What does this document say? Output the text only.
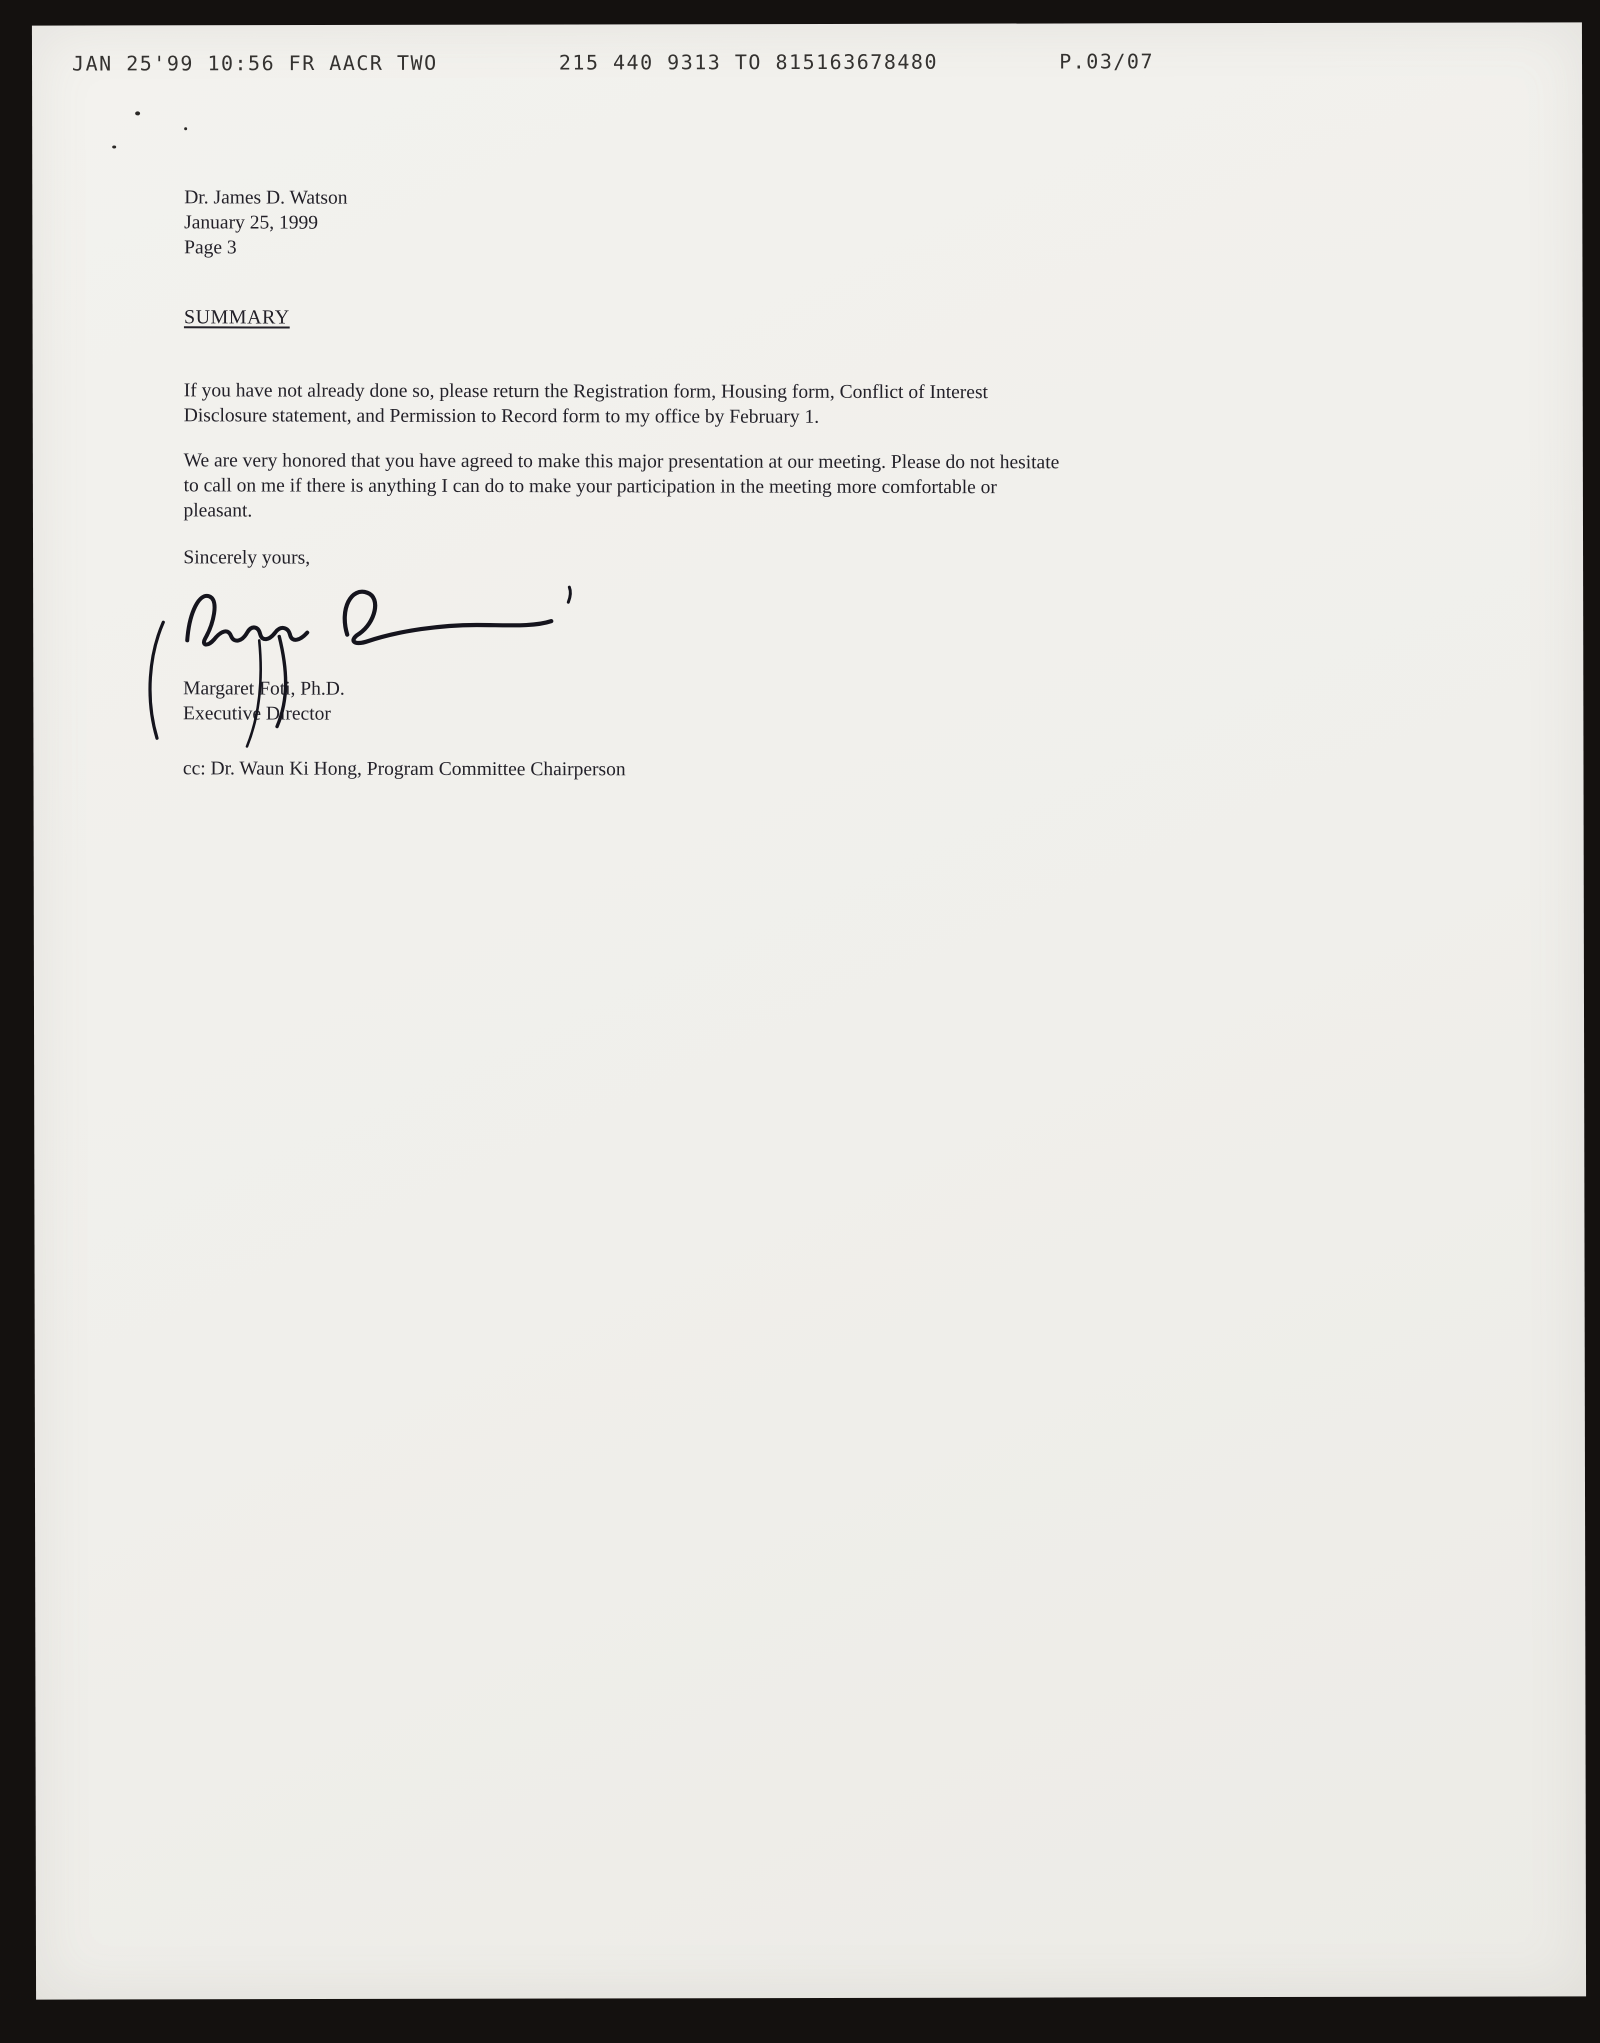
JAN 25'99 10:56 FR AACR TWO	215 440 9313 TO 815163678480	P.03/07
Dr. James D. Watson
January 25, 1999
Page 3
SUMMARY

If you have not already done so, please return the Registration form, Housing form, Conflict of Interest Disclosure statement, and Permission to Record form to my office by February 1.

We are very honored that you have agreed to make this major presentation at our meeting. Please do not hesitate to call on me if there is anything I can do to make your participation in the meeting more comfortable or pleasant.

Sincerely yours,
Margaret Foti, Ph.D.
Executive Director
cc: Dr. Waun Ki Hong, Program Committee Chairperson
